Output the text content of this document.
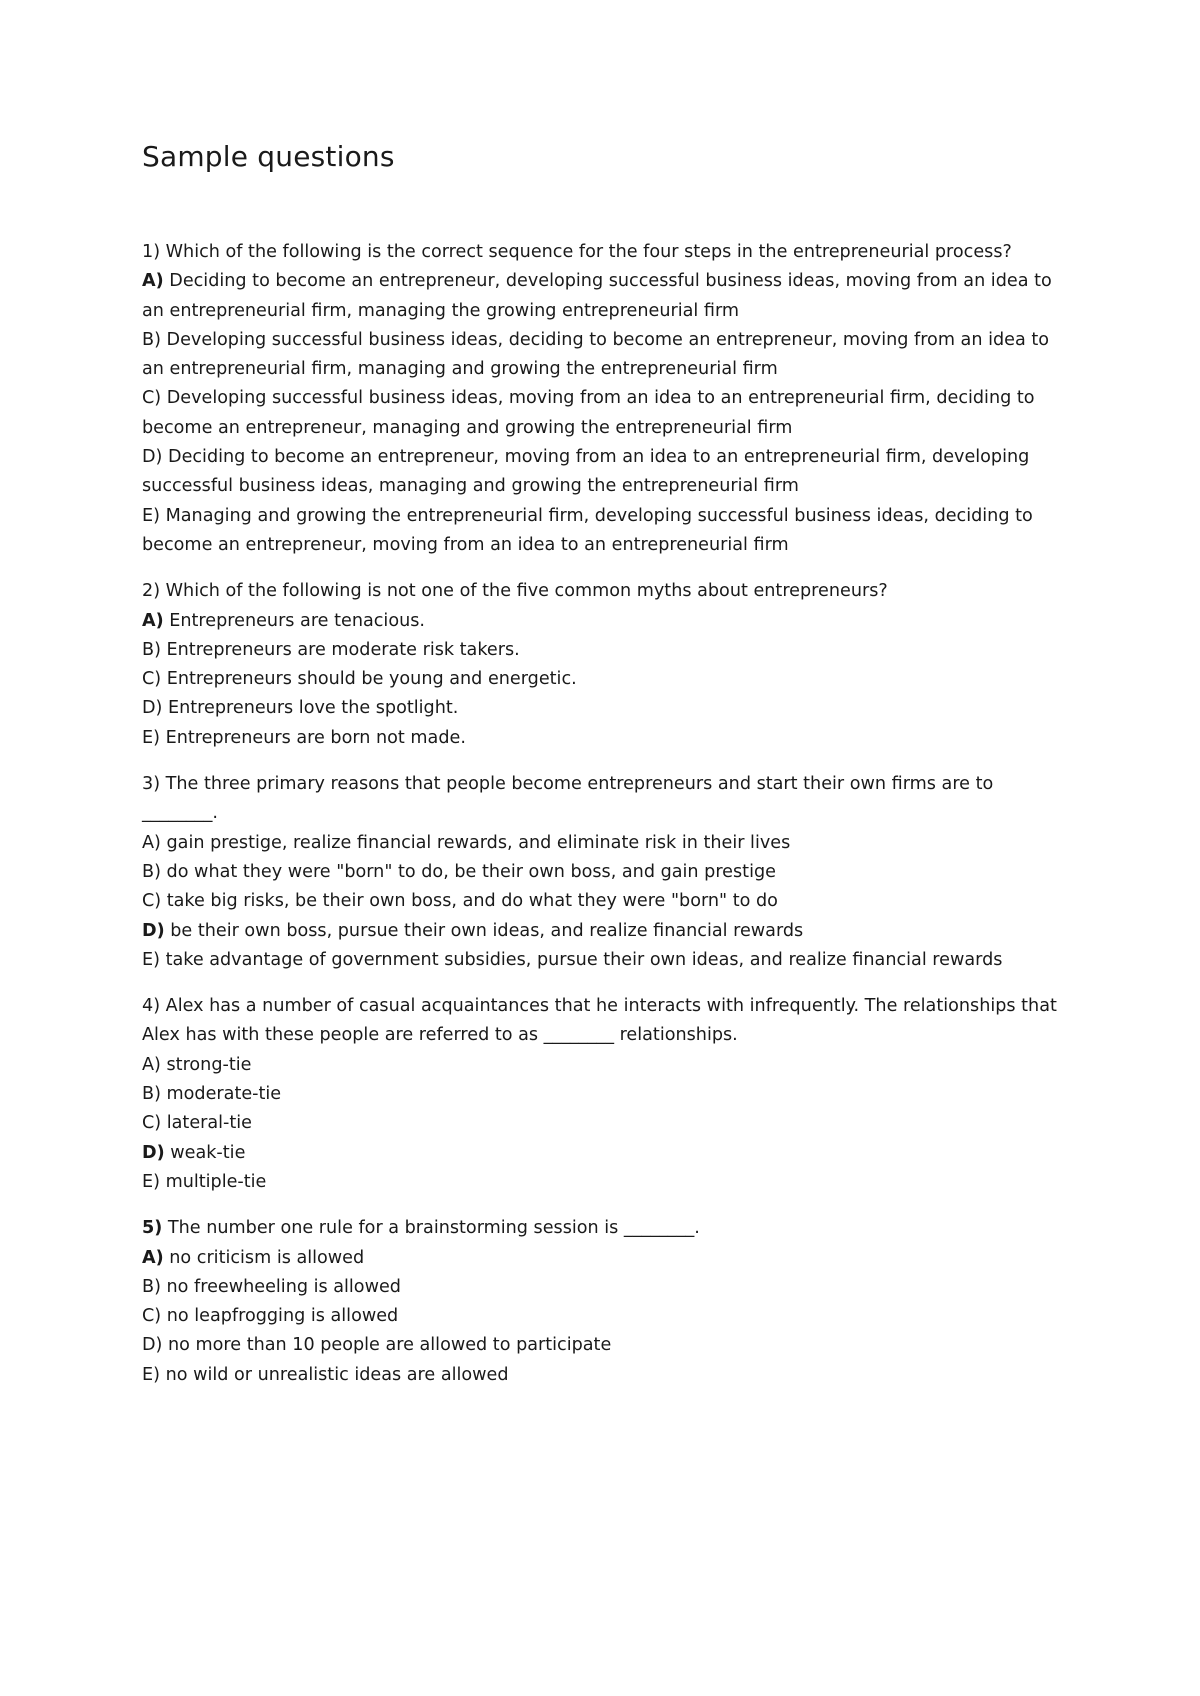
Sample questions
1) Which of the following is the correct sequence for the four steps in the entrepreneurial process?
A) Deciding to become an entrepreneur, developing successful business ideas, moving from an idea to an entrepreneurial firm, managing the growing entrepreneurial firm
B) Developing successful business ideas, deciding to become an entrepreneur, moving from an idea to an entrepreneurial firm, managing and growing the entrepreneurial firm
C) Developing successful business ideas, moving from an idea to an entrepreneurial firm, deciding to become an entrepreneur, managing and growing the entrepreneurial firm
D) Deciding to become an entrepreneur, moving from an idea to an entrepreneurial firm, developing successful business ideas, managing and growing the entrepreneurial firm
E) Managing and growing the entrepreneurial firm, developing successful business ideas, deciding to become an entrepreneur, moving from an idea to an entrepreneurial firm
2) Which of the following is not one of the five common myths about entrepreneurs?
A) Entrepreneurs are tenacious.
B) Entrepreneurs are moderate risk takers.
C) Entrepreneurs should be young and energetic.
D) Entrepreneurs love the spotlight.
E) Entrepreneurs are born not made.
3) The three primary reasons that people become entrepreneurs and start their own firms are to ________.
A) gain prestige, realize financial rewards, and eliminate risk in their lives
B) do what they were "born" to do, be their own boss, and gain prestige
C) take big risks, be their own boss, and do what they were "born" to do
D) be their own boss, pursue their own ideas, and realize financial rewards
E) take advantage of government subsidies, pursue their own ideas, and realize financial rewards
4) Alex has a number of casual acquaintances that he interacts with infrequently. The relationships that Alex has with these people are referred to as ________ relationships.
A) strong-tie
B) moderate-tie
C) lateral-tie
D) weak-tie
E) multiple-tie
5) The number one rule for a brainstorming session is ________.
A) no criticism is allowed
B) no freewheeling is allowed
C) no leapfrogging is allowed
D) no more than 10 people are allowed to participate
E) no wild or unrealistic ideas are allowed
